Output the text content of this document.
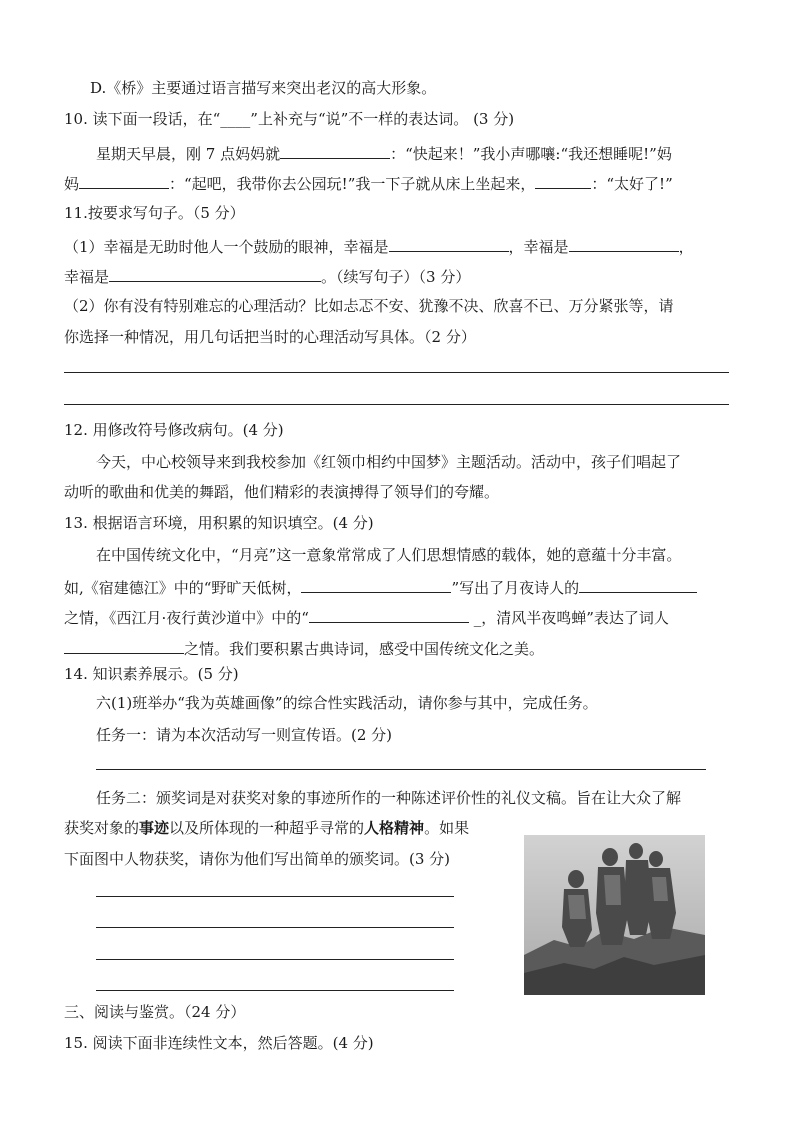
D.《桥》主要通过语言描写来突出老汉的高大形象。
10. 读下面一段话，在“____”上补充与“说”不一样的表达词。 (3 分)
星期天早晨，刚 7 点妈妈就	：“快起来！”我小声哪嚷:“我还想睡呢!”妈
妈	：“起吧，我带你去公园玩!”我一下子就从床上坐起来，	：“太好了!”
11.按要求写句子。（5 分）
（1）幸福是无助时他人一个鼓励的眼神，幸福是	，幸福是	，
幸福是	。（续写句子）（3 分）
（2）你有没有特别难忘的心理活动？比如忐忑不安、犹豫不决、欣喜不已、万分紧张等，请
你选择一种情况，用几句话把当时的心理活动写具体。（2 分）
12. 用修改符号修改病句。(4 分)
今天，中心校领导来到我校参加《红领巾相约中国梦》主题活动。活动中，孩子们唱起了
动听的歌曲和优美的舞蹈，他们精彩的表演搏得了领导们的夸耀。
13. 根据语言环境，用积累的知识填空。(4 分)
在中国传统文化中，“月亮”这一意象常常成了人们思想情感的载体，她的意蕴十分丰富。
如,《宿建德江》中的“野旷天低树，	”写出了月夜诗人的
之情，《西江月·夜行黄沙道中》中的“	_，清风半夜鸣蝉”表达了词人
之情。我们要积累古典诗词，感受中国传统文化之美。
14. 知识素养展示。(5 分)
六(1)班举办“我为英雄画像”的综合性实践活动，请你参与其中，完成任务。
任务一：请为本次活动写一则宣传语。(2 分)
任务二：颁奖词是对获奖对象的事迹所作的一种陈述评价性的礼仪文稿。旨在让大众了解
获奖对象的事迹以及所体现的一种超乎寻常的人格精神。如果
下面图中人物获奖，请你为他们写出简单的颁奖词。(3 分)
三、阅读与鉴赏。（24 分）
15. 阅读下面非连续性文本，然后答题。(4 分)
